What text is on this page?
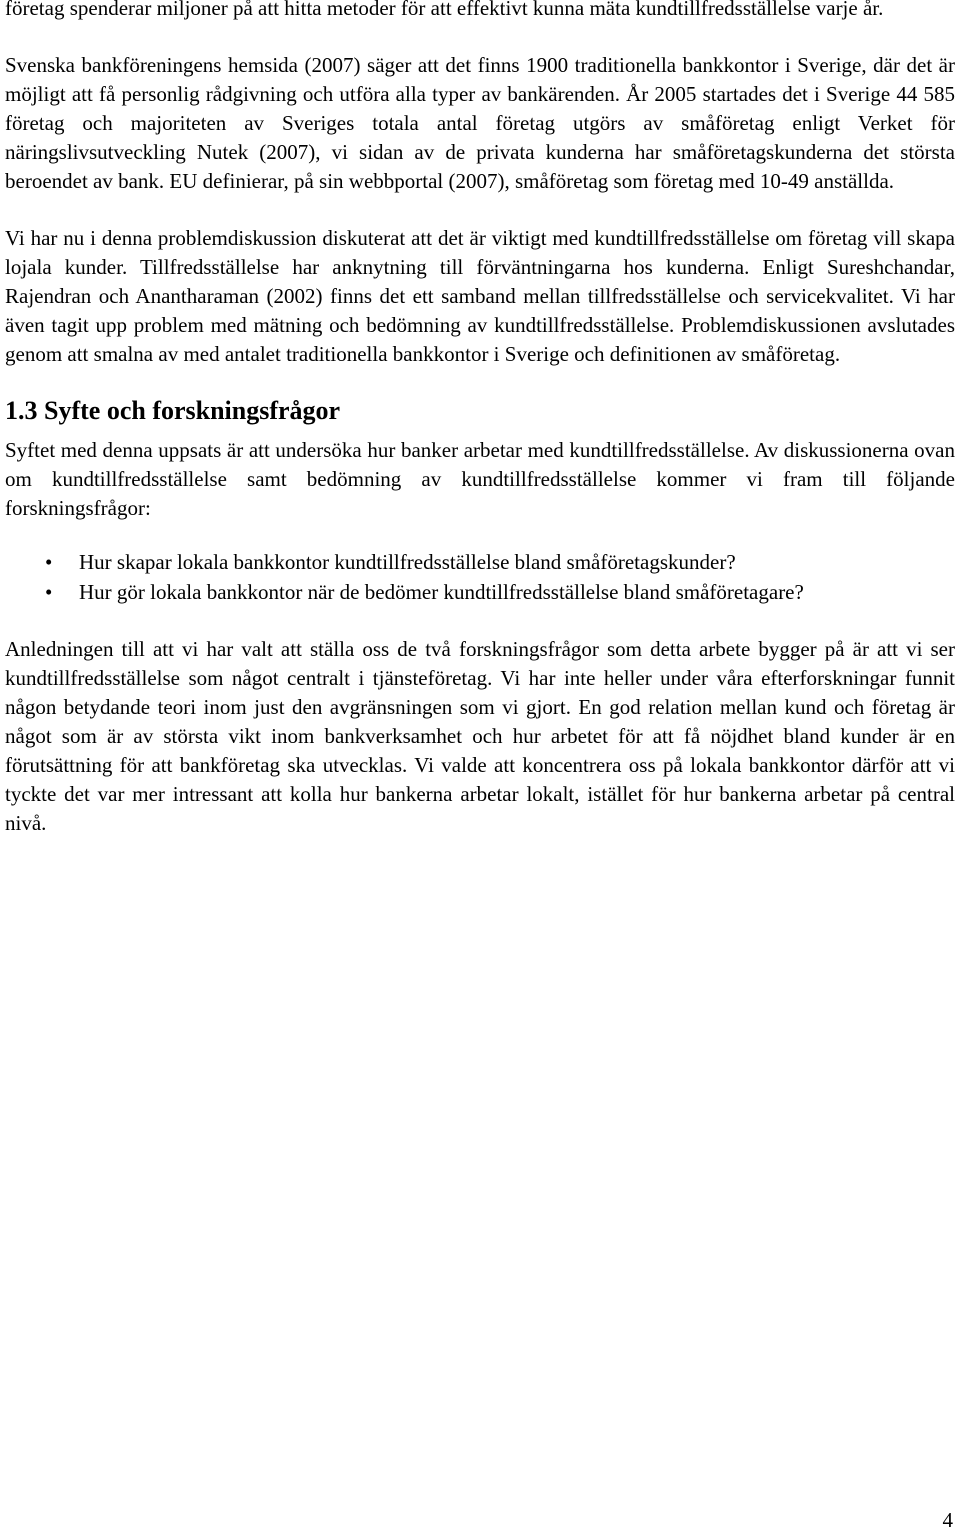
företag spenderar miljoner på att hitta metoder för att effektivt kunna mäta kundtillfredsställelse varje år.

Svenska bankföreningens hemsida (2007) säger att det finns 1900 traditionella bankkontor i Sverige, där det är möjligt att få personlig rådgivning och utföra alla typer av bankärenden. År 2005 startades det i Sverige 44 585 företag och majoriteten av Sveriges totala antal företag utgörs av småföretag enligt Verket för näringslivsutveckling Nutek (2007), vi sidan av de privata kunderna har småföretagskunderna det största beroendet av bank. EU definierar, på sin webbportal (2007), småföretag som företag med 10-49 anställda.

Vi har nu i denna problemdiskussion diskuterat att det är viktigt med kundtillfredsställelse om företag vill skapa lojala kunder. Tillfredsställelse har anknytning till förväntningarna hos kunderna. Enligt Sureshchandar, Rajendran och Anantharaman (2002) finns det ett samband mellan tillfredsställelse och servicekvalitet. Vi har även tagit upp problem med mätning och bedömning av kundtillfredsställelse. Problemdiskussionen avslutades genom att smalna av med antalet traditionella bankkontor i Sverige och definitionen av småföretag.

1.3 Syfte och forskningsfrågor

Syftet med denna uppsats är att undersöka hur banker arbetar med kundtillfredsställelse. Av diskussionerna ovan om kundtillfredsställelse samt bedömning av kundtillfredsställelse kommer vi fram till följande forskningsfrågor:

• Hur skapar lokala bankkontor kundtillfredsställelse bland småföretagskunder?
• Hur gör lokala bankkontor när de bedömer kundtillfredsställelse bland småföretagare?

Anledningen till att vi har valt att ställa oss de två forskningsfrågor som detta arbete bygger på är att vi ser kundtillfredsställelse som något centralt i tjänsteföretag. Vi har inte heller under våra efterforskningar funnit någon betydande teori inom just den avgränsningen som vi gjort. En god relation mellan kund och företag är något som är av största vikt inom bankverksamhet och hur arbetet för att få nöjdhet bland kunder är en förutsättning för att bankföretag ska utvecklas. Vi valde att koncentrera oss på lokala bankkontor därför att vi tyckte det var mer intressant att kolla hur bankerna arbetar lokalt, istället för hur bankerna arbetar på central nivå.

4
